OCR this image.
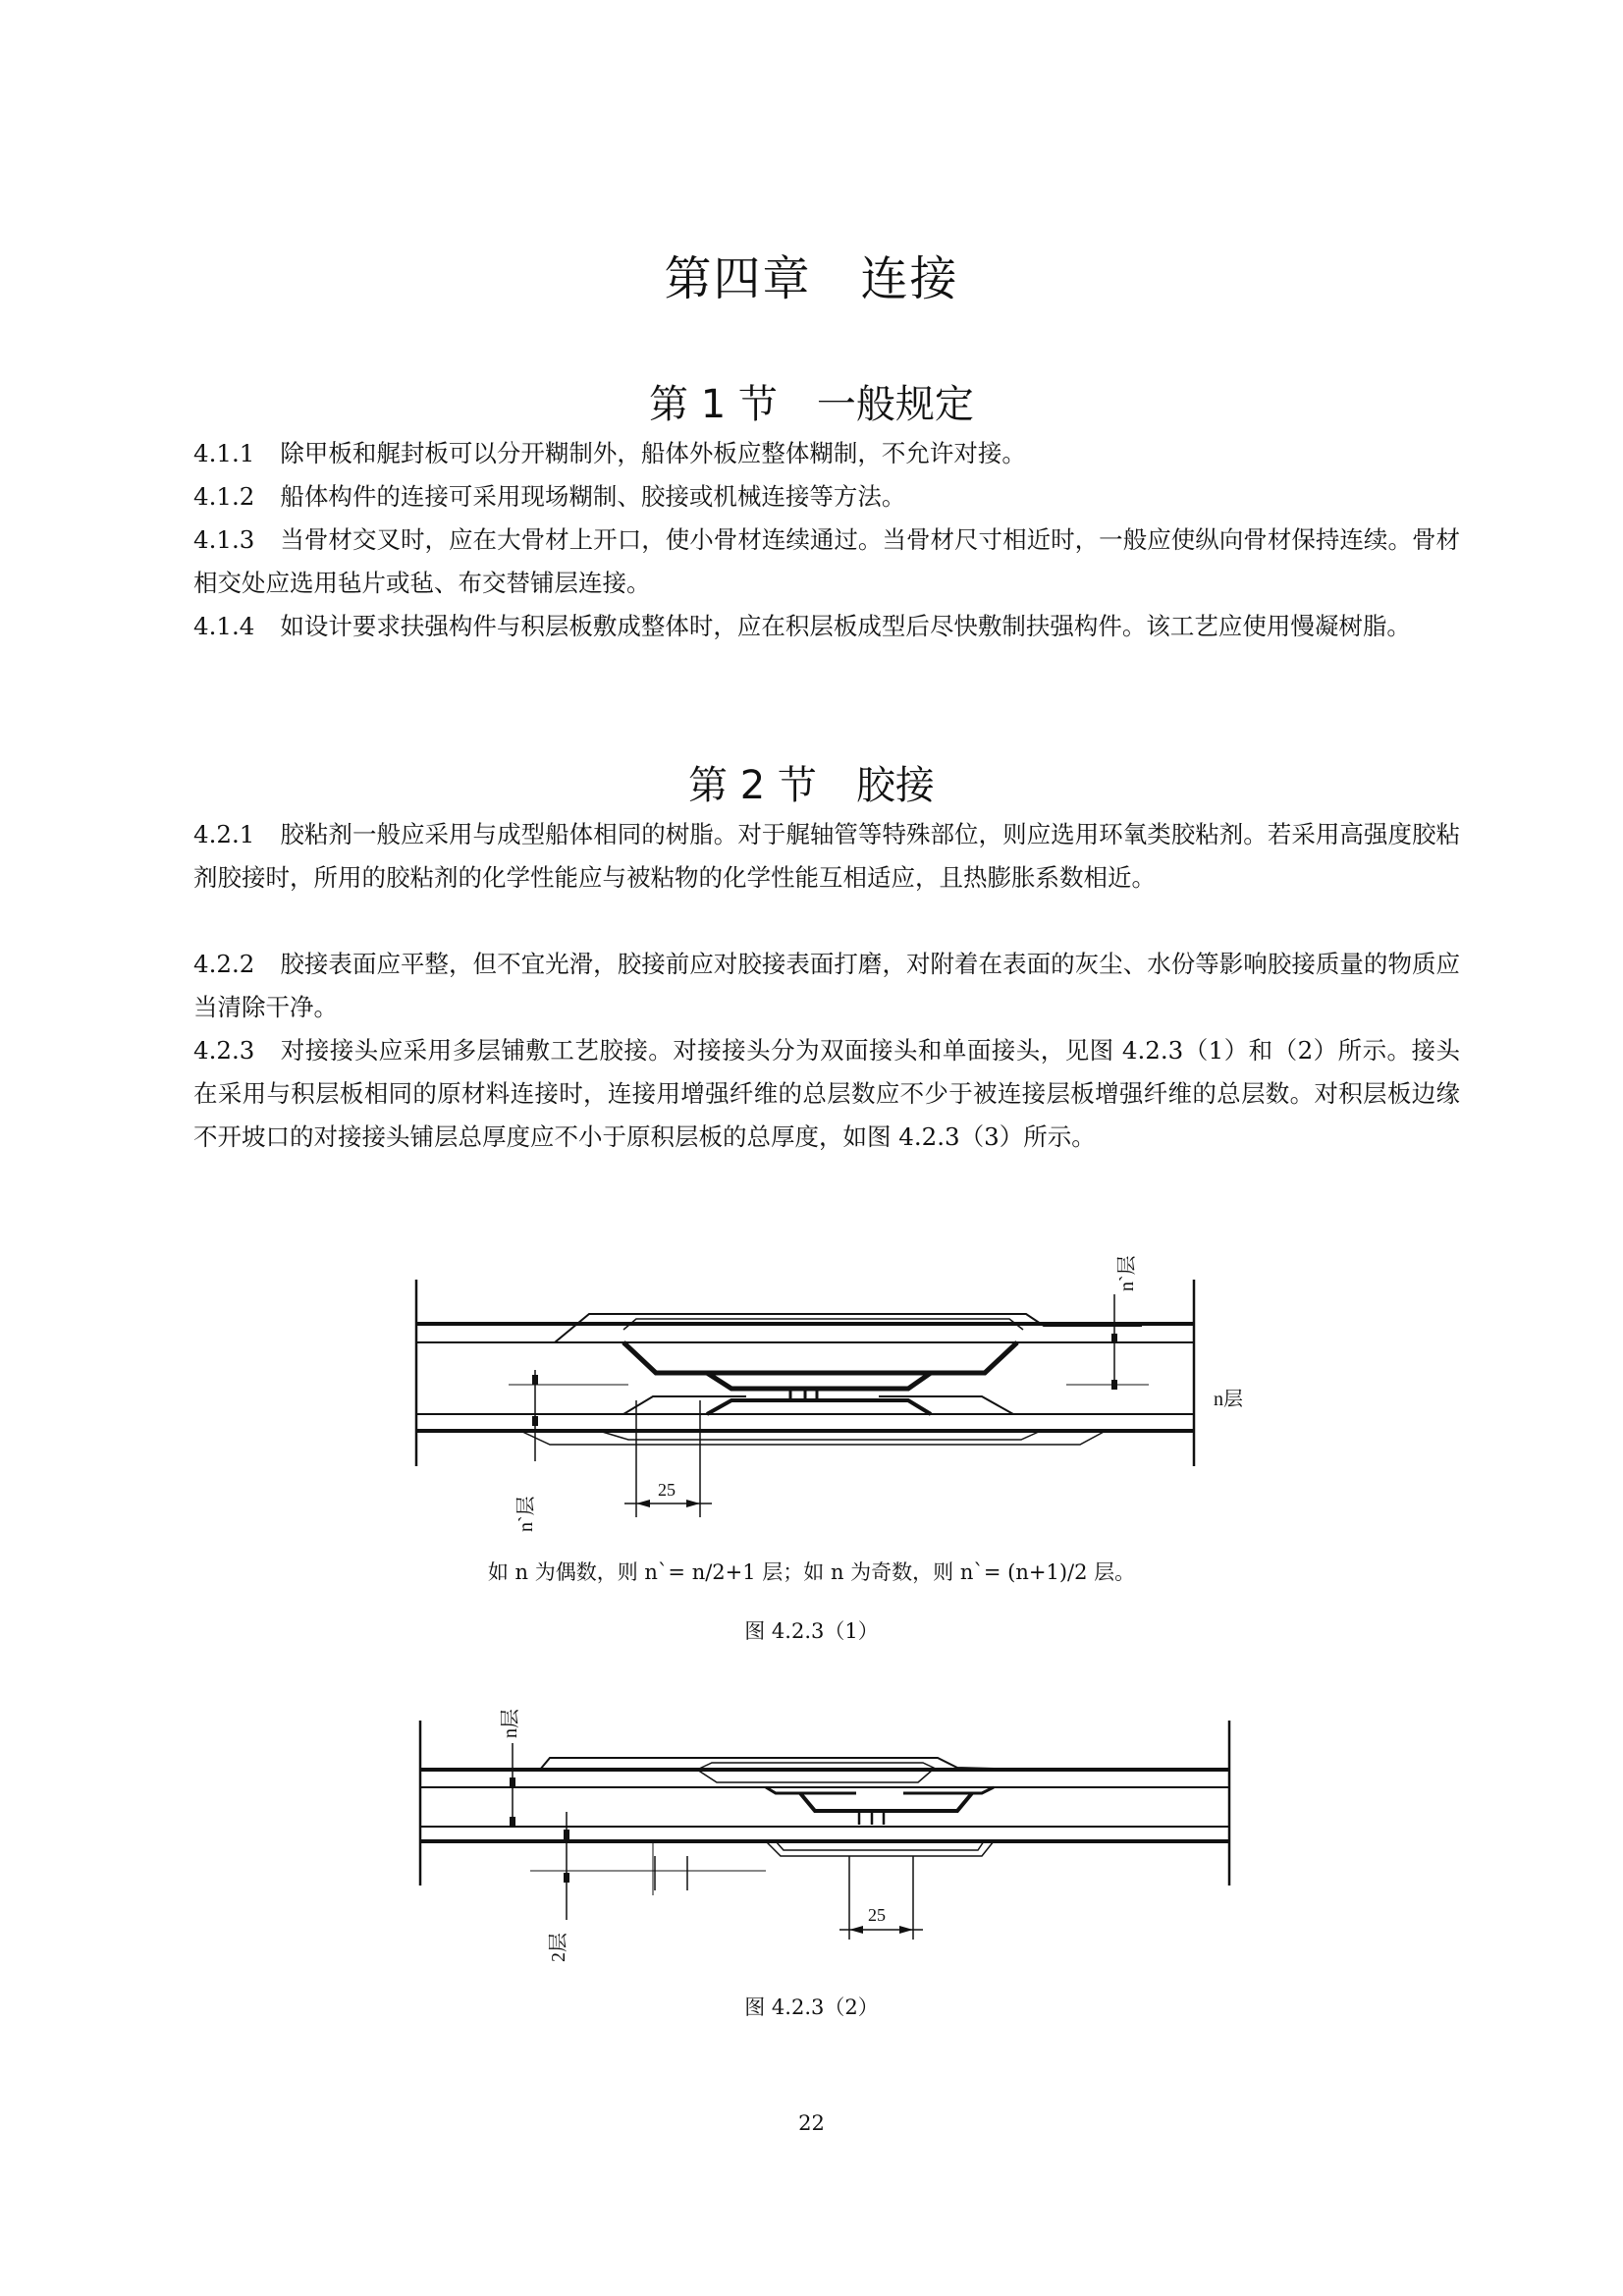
第四章　连接
第 1 节　一般规定
4.1.1 除甲板和艉封板可以分开糊制外，船体外板应整体糊制，不允许对接。
4.1.2 船体构件的连接可采用现场糊制、胶接或机械连接等方法。
4.1.3 当骨材交叉时，应在大骨材上开口，使小骨材连续通过。当骨材尺寸相近时，一般应使纵向骨材保持连续。骨材相交处应选用毡片或毡、布交替铺层连接。
4.1.4 如设计要求扶强构件与积层板敷成整体时，应在积层板成型后尽快敷制扶强构件。该工艺应使用慢凝树脂。
第 2 节　胶接
4.2.1 胶粘剂一般应采用与成型船体相同的树脂。对于艉轴管等特殊部位，则应选用环氧类胶粘剂。若采用高强度胶粘剂胶接时，所用的胶粘剂的化学性能应与被粘物的化学性能互相适应，且热膨胀系数相近。
4.2.2 胶接表面应平整，但不宜光滑，胶接前应对胶接表面打磨，对附着在表面的灰尘、水份等影响胶接质量的物质应当清除干净。
4.2.3 对接接头应采用多层铺敷工艺胶接。对接接头分为双面接头和单面接头，见图 4.2.3（1）和（2）所示。接头在采用与积层板相同的原材料连接时，连接用增强纤维的总层数应不少于被连接层板增强纤维的总层数。对积层板边缘不开坡口的对接接头铺层总厚度应不小于原积层板的总厚度，如图 4.2.3（3）所示。
n`层
n层
25
n`层
如 n 为偶数，则 n`= n/2+1 层；如 n 为奇数，则 n`= (n+1)/2 层。
图 4.2.3（1）
n层
25
2层
图 4.2.3（2）
22
